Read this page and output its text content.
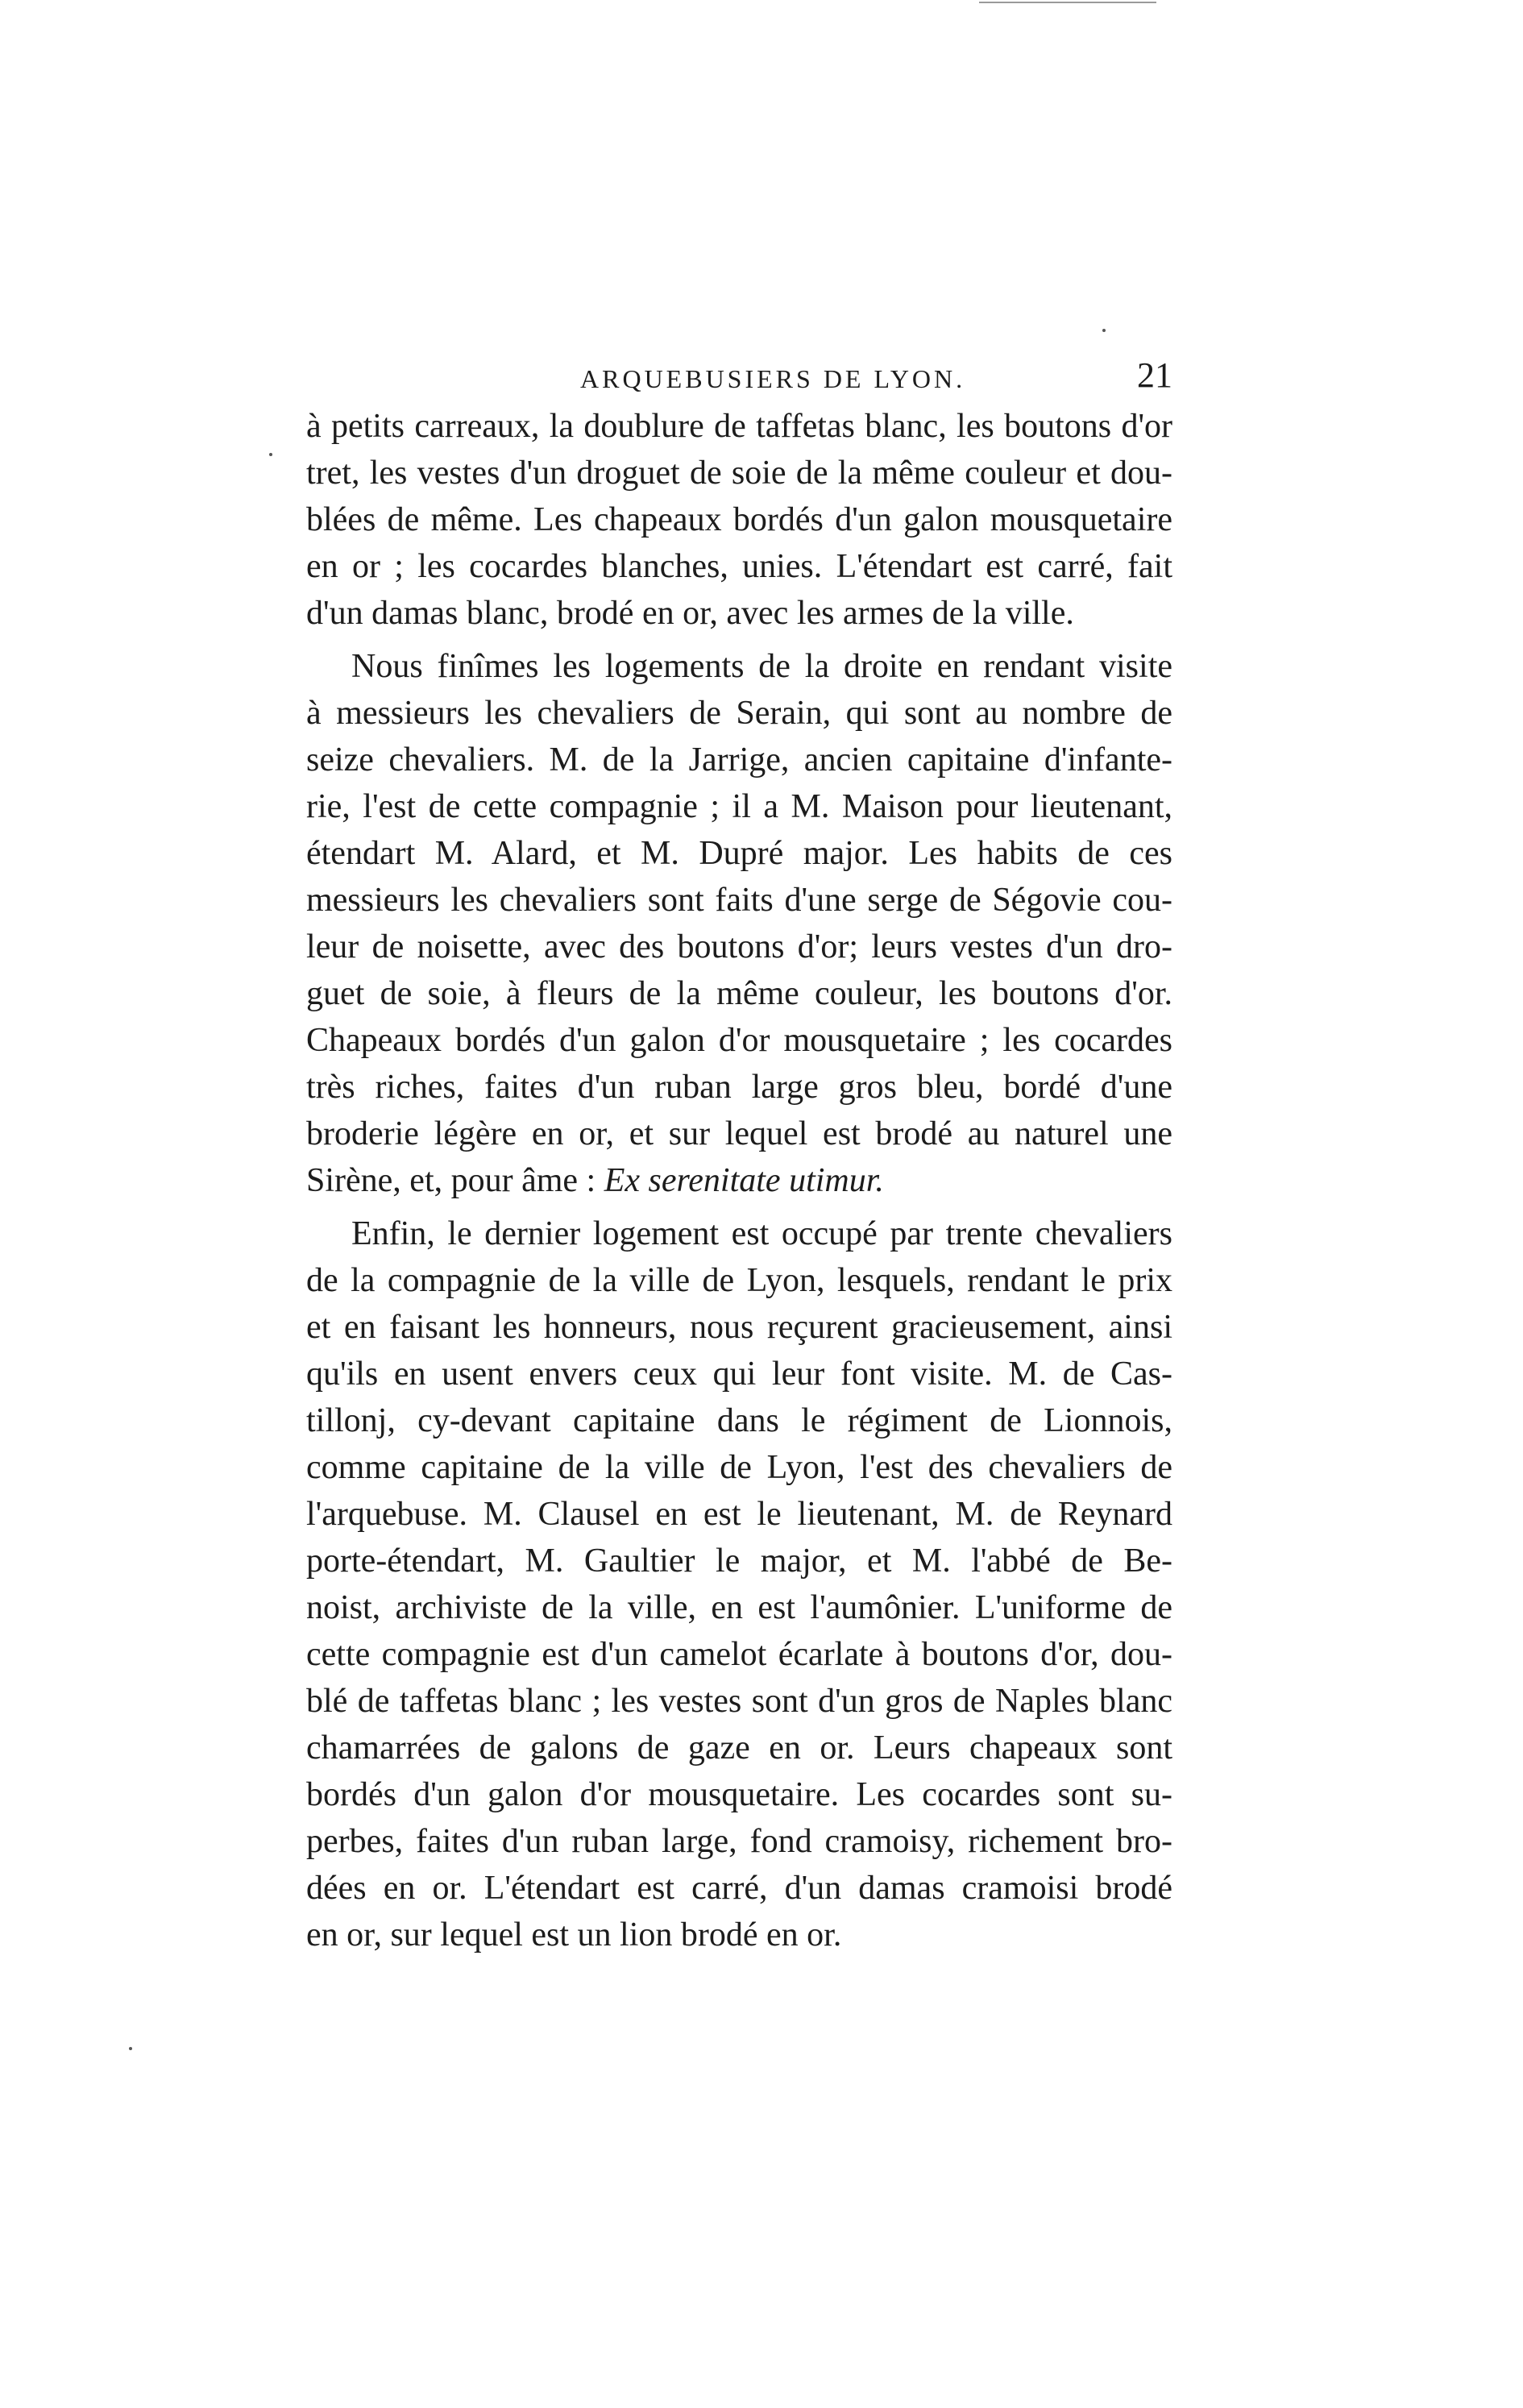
ARQUEBUSIERS DE LYON.	21
à petits carreaux, la doublure de taffetas blanc, les boutons d'or
tret, les vestes d'un droguet de soie de la même couleur et dou-
blées de même. Les chapeaux bordés d'un galon mousquetaire
en or ; les cocardes blanches, unies. L'étendart est carré, fait
d'un damas blanc, brodé en or, avec les armes de la ville.
Nous finîmes les logements de la droite en rendant visite
à messieurs les chevaliers de Serain, qui sont au nombre de
seize chevaliers. M. de la Jarrige, ancien capitaine d'infante-
rie, l'est de cette compagnie ; il a M. Maison pour lieutenant,
étendart M. Alard, et M. Dupré major. Les habits de ces
messieurs les chevaliers sont faits d'une serge de Ségovie cou-
leur de noisette, avec des boutons d'or; leurs vestes d'un dro-
guet de soie, à fleurs de la même couleur, les boutons d'or.
Chapeaux bordés d'un galon d'or mousquetaire ; les cocardes
très riches, faites d'un ruban large gros bleu, bordé d'une
broderie légère en or, et sur lequel est brodé au naturel une
Sirène, et, pour âme : Ex serenitate utimur.
Enfin, le dernier logement est occupé par trente chevaliers
de la compagnie de la ville de Lyon, lesquels, rendant le prix
et en faisant les honneurs, nous reçurent gracieusement, ainsi
qu'ils en usent envers ceux qui leur font visite. M. de Cas-
tillonj, cy-devant capitaine dans le régiment de Lionnois,
comme capitaine de la ville de Lyon, l'est des chevaliers de
l'arquebuse. M. Clausel en est le lieutenant, M. de Reynard
porte-étendart, M. Gaultier le major, et M. l'abbé de Be-
noist, archiviste de la ville, en est l'aumônier. L'uniforme de
cette compagnie est d'un camelot écarlate à boutons d'or, dou-
blé de taffetas blanc ; les vestes sont d'un gros de Naples blanc
chamarrées de galons de gaze en or. Leurs chapeaux sont
bordés d'un galon d'or mousquetaire. Les cocardes sont su-
perbes, faites d'un ruban large, fond cramoisy, richement bro-
dées en or. L'étendart est carré, d'un damas cramoisi brodé
en or, sur lequel est un lion brodé en or.
